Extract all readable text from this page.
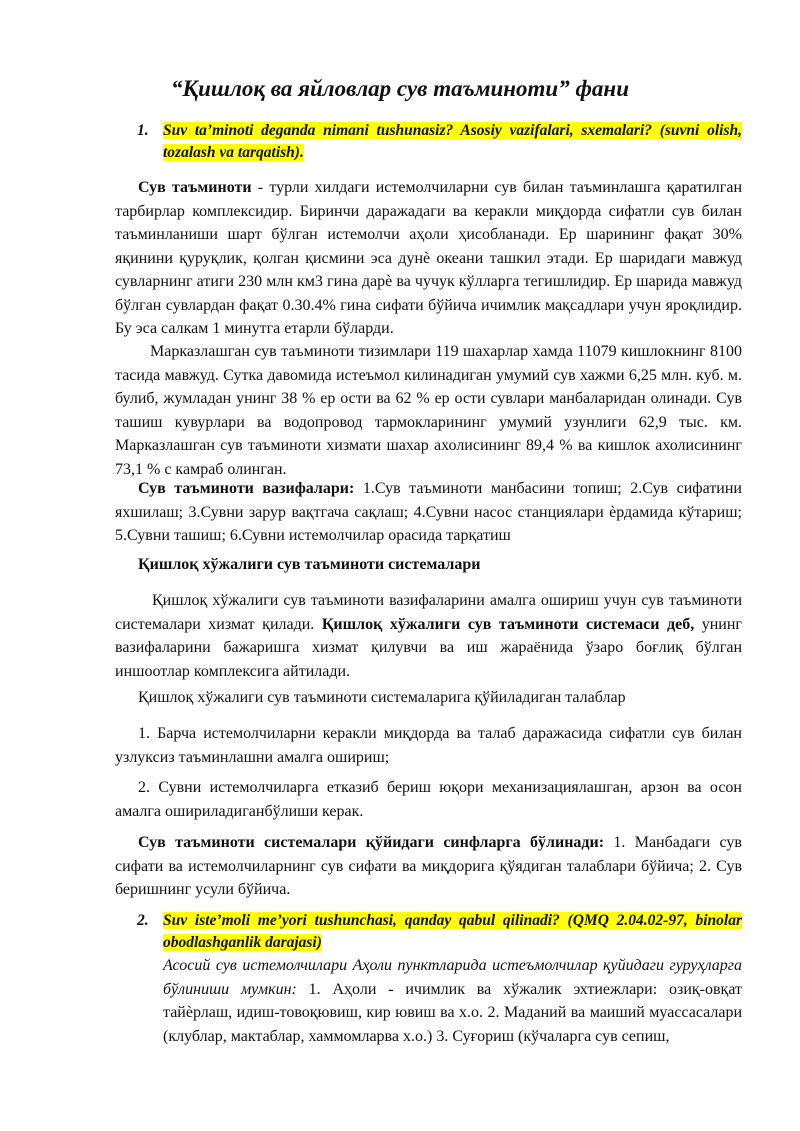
“Қишлоқ ва яйловлар сув таъминоти” фани
1. Suv ta’minoti deganda nimani tushunasiz? Asosiy vazifalari, sxemalari? (suvni olish, tozalash va tarqatish).
Сув таъминоти - турли хилдаги истемолчиларни сув билан таъминлашга қаратилган тарбирлар комплексидир. Биринчи даражадаги ва керакли миқдорда сифатли сув билан таъминланиши шарт бўлган истемолчи аҳоли ҳисобланади. Ер шарининг фақат 30% яқинини қуруқлик, қолган қисмини эса дунѐ океани ташкил этади. Ер шаридаги мавжуд сувларнинг атиги 230 млн км3 гина дарѐ ва чучук кўлларга тегишлидир. Ер шарида мавжуд бўлган сувлардан фақат 0.30.4% гина сифати бўйича ичимлик мақсадлари учун яроқлидир. Бу эса салкам 1 минутга етарли бўларди.
Марказлашган сув таъминоти тизимлари 119 шахарлар хамда 11079 кишлокнинг 8100 тасида мавжуд. Сутка давомида истеъмол килинадиган умумий сув хажми 6,25 млн. куб. м. булиб, жумладан унинг 38 % ер ости ва 62 % ер ости сувлари манбаларидан олинади. Сув ташиш кувурлари ва водопровод тармокларининг умумий узунлиги 62,9 тыс. км. Марказлашган сув таъминоти хизмати шахар ахолисининг 89,4 % ва кишлок ахолисининг 73,1 % с камраб олинган.
Сув таъминоти вазифалари: 1.Сув таъминоти манбасини топиш; 2.Сув сифатини яхшилаш; 3.Сувни зарур вақтгача сақлаш; 4.Сувни насос станциялари ѐрдамида кўтариш; 5.Сувни ташиш; 6.Сувни истемолчилар орасида тарқатиш
Қишлоқ хўжалиги сув таъминоти системалари
Қишлоқ хўжалиги сув таъминоти вазифаларини амалга ошириш учун сув таъминоти системалари хизмат қилади. Қишлоқ хўжалиги сув таъминоти системаси деб, унинг вазифаларини бажаришга хизмат қилувчи ва иш жараёнида ўзаро боғлиқ бўлган иншоотлар комплексига айтилади.
Қишлоқ хўжалиги сув таъминоти системаларига қўйиладиган талаблар
1. Барча истемолчиларни керакли миқдорда ва талаб даражасида сифатли сув билан узлуксиз таъминлашни амалга ошириш;
2. Сувни истемолчиларга етказиб бериш юқори механизациялашган, арзон ва осон амалга ошириладиганбўлиши керак.
Сув таъминоти системалари қўйидаги синфларга бўлинади: 1. Манбадаги сув сифати ва истемолчиларнинг сув сифати ва миқдорига қўядиган талаблари бўйича; 2. Сув беришнинг усули бўйича.
2. Suv iste’moli me’yori tushunchasi, qanday qabul qilinadi? (QMQ 2.04.02-97, binolar obodlashganlik darajasi)
Асосий сув истемолчилари Аҳоли пунктларида истеъмолчилар қуйидаги гуруҳларга бўлиниши мумкин: 1. Аҳоли - ичимлик ва хўжалик эхтиежлари: озиқ-овқат тайѐрлаш, идиш-товоқювиш, кир ювиш ва х.о. 2. Маданий ва маиший муассасалари (клублар, мактаблар, хаммомларва х.о.) 3. Суғориш (кўчаларга сув сепиш,
